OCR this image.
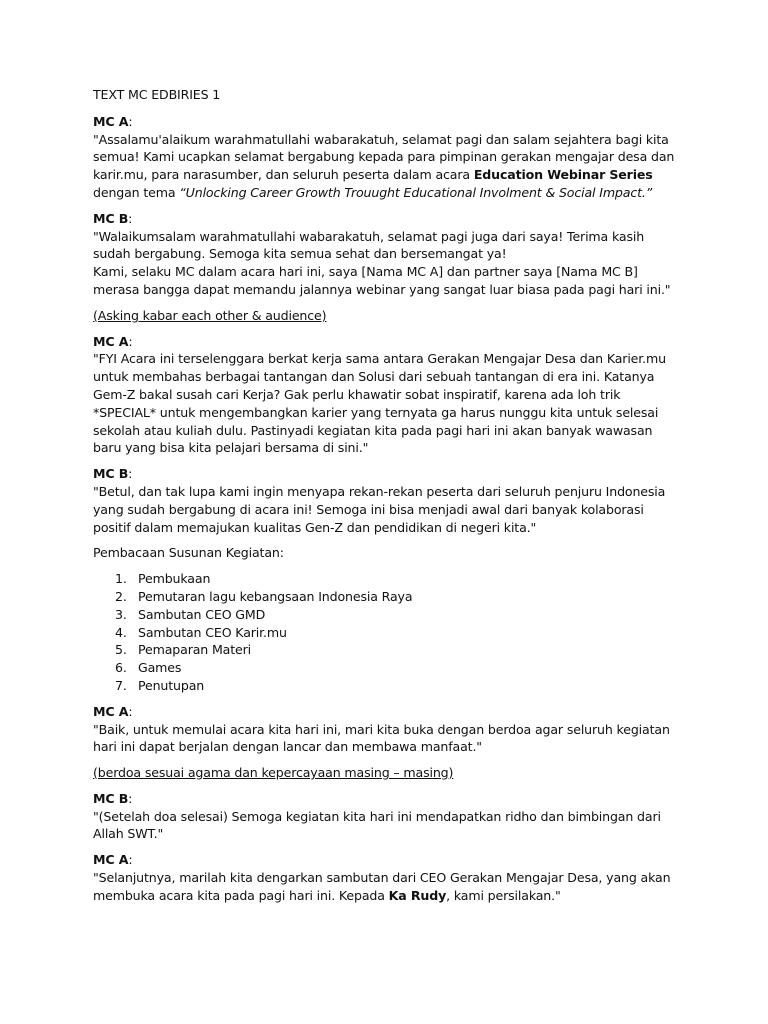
TEXT MC EDBIRIES 1

MC A:

"Assalamu'alaikum warahmatullahi wabarakatuh, selamat pagi dan salam sejahtera bagi kita semua! Kami ucapkan selamat bergabung kepada para pimpinan gerakan mengajar desa dan karir.mu, para narasumber, dan seluruh peserta dalam acara Education Webinar Series dengan tema “Unlocking Career Growth Trouught Educational Involment & Social Impact.”

MC B:

"Walaikumsalam warahmatullahi wabarakatuh, selamat pagi juga dari saya! Terima kasih sudah bergabung. Semoga kita semua sehat dan bersemangat ya!

Kami, selaku MC dalam acara hari ini, saya [Nama MC A] dan partner saya [Nama MC B] merasa bangga dapat memandu jalannya webinar yang sangat luar biasa pada pagi hari ini."

(Asking kabar each other & audience)

MC A:

"FYI Acara ini terselenggara berkat kerja sama antara Gerakan Mengajar Desa dan Karier.mu untuk membahas berbagai tantangan dan Solusi dari sebuah tantangan di era ini. Katanya Gem-Z bakal susah cari Kerja? Gak perlu khawatir sobat inspiratif, karena ada loh trik *SPECIAL* untuk mengembangkan karier yang ternyata ga harus nunggu kita untuk selesai sekolah atau kuliah dulu. Pastinyadi kegiatan kita pada pagi hari ini akan banyak wawasan baru yang bisa kita pelajari bersama di sini."

MC B:

"Betul, dan tak lupa kami ingin menyapa rekan-rekan peserta dari seluruh penjuru Indonesia yang sudah bergabung di acara ini! Semoga ini bisa menjadi awal dari banyak kolaborasi positif dalam memajukan kualitas Gen-Z dan pendidikan di negeri kita."

Pembacaan Susunan Kegiatan:

1. Pembukaan
2. Pemutaran lagu kebangsaan Indonesia Raya
3. Sambutan CEO GMD
4. Sambutan CEO Karir.mu
5. Pemaparan Materi
6. Games
7. Penutupan
MC A:

"Baik, untuk memulai acara kita hari ini, mari kita buka dengan berdoa agar seluruh kegiatan hari ini dapat berjalan dengan lancar dan membawa manfaat."

(berdoa sesuai agama dan kepercayaan masing – masing)

MC B:

"(Setelah doa selesai) Semoga kegiatan kita hari ini mendapatkan ridho dan bimbingan dari Allah SWT."

MC A:

"Selanjutnya, marilah kita dengarkan sambutan dari CEO Gerakan Mengajar Desa, yang akan membuka acara kita pada pagi hari ini. Kepada Ka Rudy, kami persilakan."
